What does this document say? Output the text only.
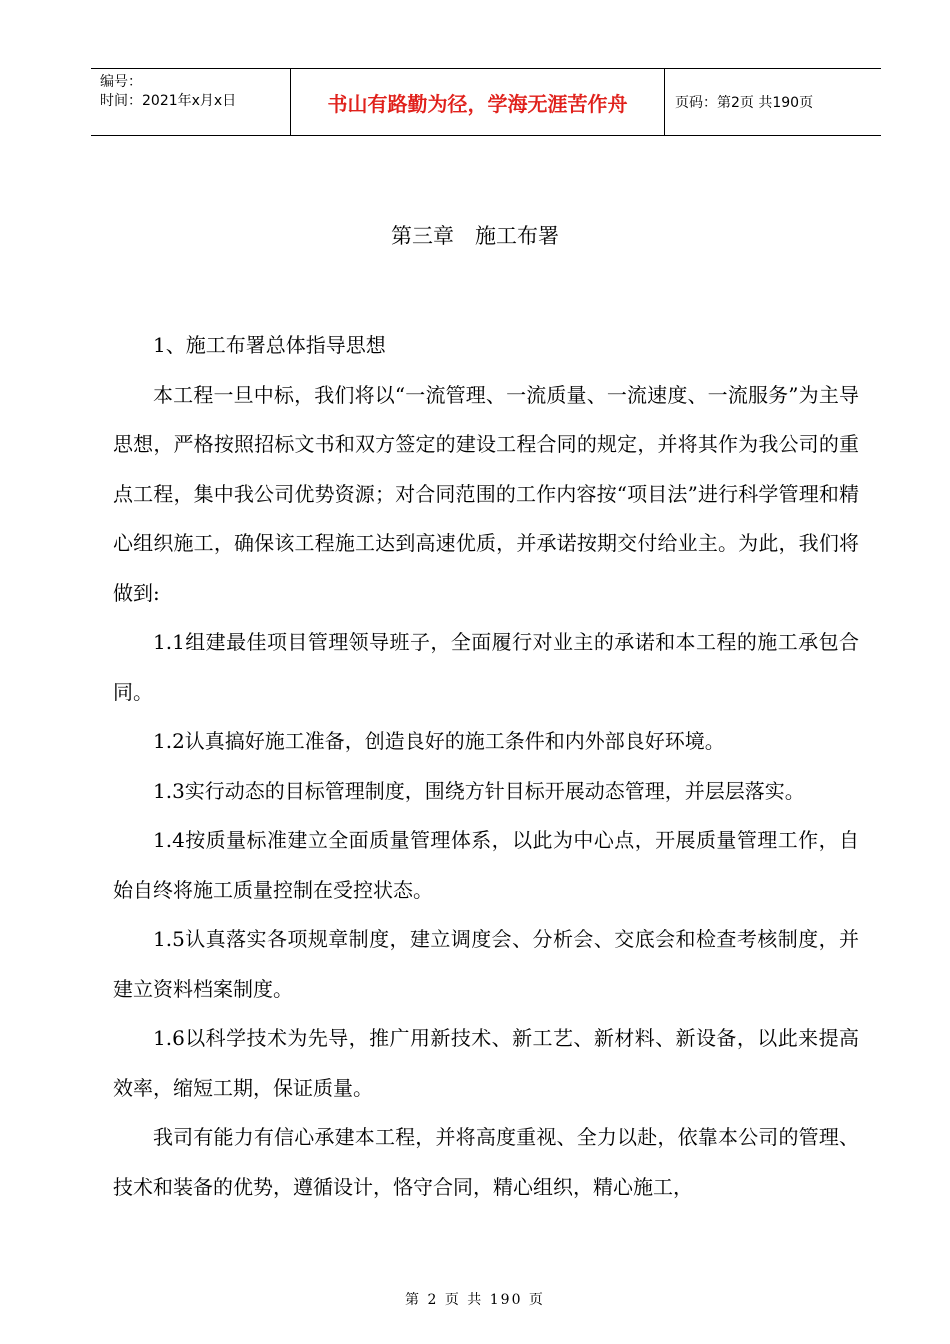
编号：
时间：2021年x月x日	书山有路勤为径，学海无涯苦作舟	页码：第2页 共190页
第三章　施工布署

1、施工布署总体指导思想

本工程一旦中标，我们将以“一流管理、一流质量、一流速度、一流服务”为主导思想，严格按照招标文书和双方签定的建设工程合同的规定，并将其作为我公司的重点工程，集中我公司优势资源；对合同范围的工作内容按“项目法”进行科学管理和精心组织施工，确保该工程施工达到高速优质，并承诺按期交付给业主。为此，我们将做到:

1.1组建最佳项目管理领导班子，全面履行对业主的承诺和本工程的施工承包合同。

1.2认真搞好施工准备，创造良好的施工条件和内外部良好环境。

1.3实行动态的目标管理制度，围绕方针目标开展动态管理，并层层落实。

1.4按质量标准建立全面质量管理体系，以此为中心点，开展质量管理工作，自始自终将施工质量控制在受控状态。

1.5认真落实各项规章制度，建立调度会、分析会、交底会和检查考核制度，并建立资料档案制度。

1.6以科学技术为先导，推广用新技术、新工艺、新材料、新设备，以此来提高效率，缩短工期，保证质量。

我司有能力有信心承建本工程，并将高度重视、全力以赴，依靠本公司的管理、技术和装备的优势，遵循设计，恪守合同，精心组织，精心施工，

第 2 页 共 190 页
